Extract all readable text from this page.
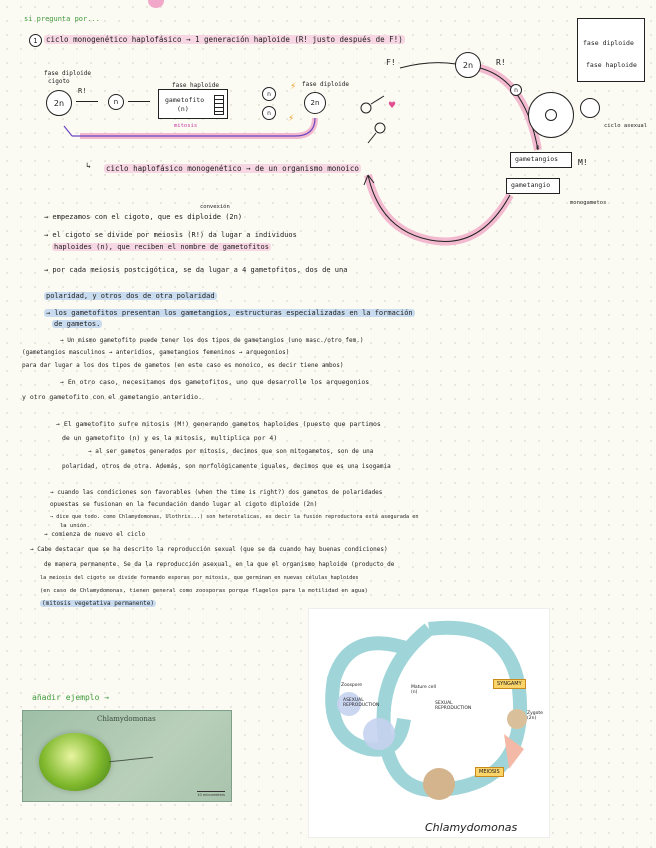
si pregunta por...
1	ciclo monogenético haplofásico → 1 generación haploide (R! justo después de F!)	fase diploide
fase haploide
fase diploide
cigoto
2n
R!
n
fase haploide
gametofito
(n)
mitosis
n
n
⚡
⚡
fase diploide
2n
↳ ciclo haplofásico monogenético → de un organismo monoico
♥
F!	R!
2n
n
ciclo asexual
gametangios M!
gametangio
monogametos
n
convexión
→ empezamos con el cigoto, que es diploide (2n)
→ el cigoto se divide por meiosis (R!) da lugar a individuos
haploides (n), que reciben el nombre de gametofitos
→ por cada meiosis postcigótica, se da lugar a 4 gametofitos, dos de una
polaridad, y otros dos de otra polaridad
→ los gametofitos presentan los gametangios, estructuras especializadas en la formación
de gametos.
→ Un mismo gametofito puede tener los dos tipos de gametangios (uno masc./otro fem.)
(gametangios masculinos → anteridios, gametangios femeninos → arquegonios)
para dar lugar a los dos tipos de gametos (en este caso es monoico, es decir tiene ambos)
→ En otro caso, necesitamos dos gametofitos, uno que desarrolle los arquegonios
y otro gametofito con el gametangio anteridio.
→ El gametofito sufre mitosis (M!) generando gametos haploides (puesto que partimos
de un gametofito (n) y es la mitosis, multiplica por 4)
→ al ser gametos generados por mitosis, decimos que son mitogametos, son de una
polaridad, otros de otra. Además, son morfológicamente iguales, decimos que es una isogamia
→ cuando las condiciones son favorables (when the time is right?) dos gametos de polaridades
opuestas se fusionan en la fecundación dando lugar al cigoto diploide (2n)
→ dice que todo. como Chlamydomonas, Ulothrix...) son heterotalicas, es decir la fusión reproductora está asegurada en
la unión.
→ comienza de nuevo el ciclo
→ Cabe destacar que se ha descrito la reproducción sexual (que se da cuando hay buenas condiciones)
de manera permanente. Se da la reproducción asexual, en la que el organismo haploide (producto de
la meiosis del cigoto se divide formando esporas por mitosis, que germinan en nuevas células haploides
(en caso de Chlamydomonas, tienen general como zoosporas porque flagelos para la motilidad en agua)
(mitosis vegetativa permanente)
añadir ejemplo →
Chlamydomonas
10 micrometers
Zoospore
ASEXUAL REPRODUCTION
Mature cell (n)
SEXUAL REPRODUCTION
SYNGAMY
Zygote (2n)
MEIOSIS
Chlamydomonas
